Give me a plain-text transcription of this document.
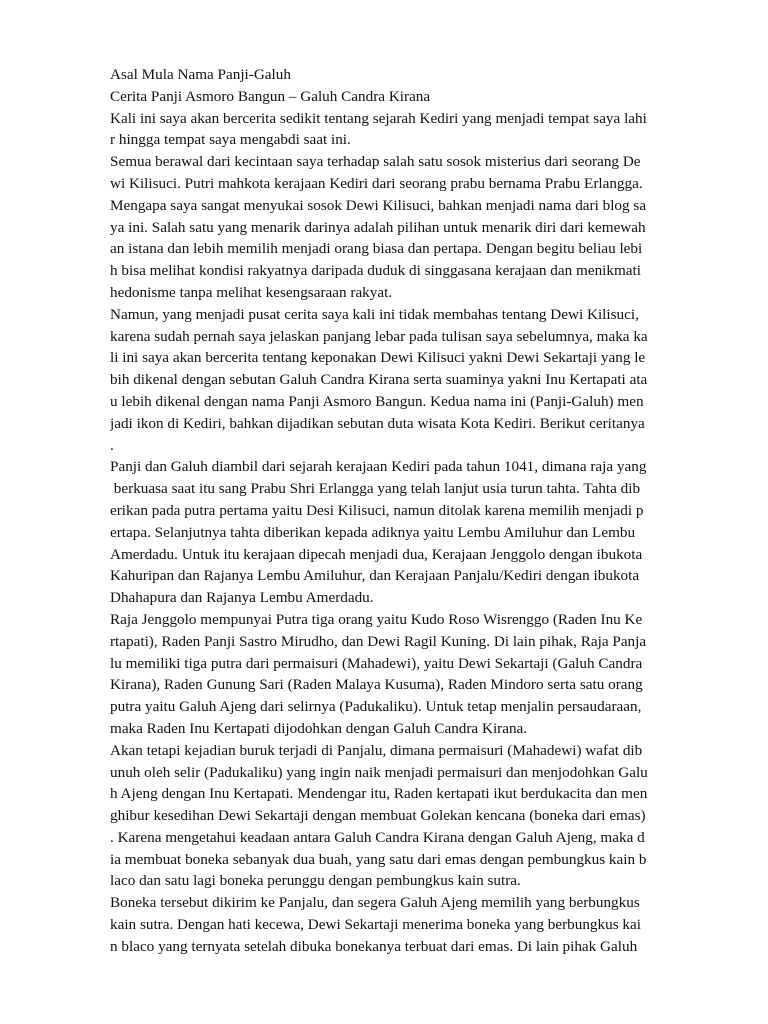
Asal Mula Nama Panji-Galuh
Cerita Panji Asmoro Bangun – Galuh Candra Kirana
Kali ini saya akan bercerita sedikit tentang sejarah Kediri yang menjadi tempat saya lahi
r hingga tempat saya mengabdi saat ini.
Semua berawal dari kecintaan saya terhadap salah satu sosok misterius dari seorang De
wi Kilisuci. Putri mahkota kerajaan Kediri dari seorang prabu bernama Prabu Erlangga.
Mengapa saya sangat menyukai sosok Dewi Kilisuci, bahkan menjadi nama dari blog sa
ya ini. Salah satu yang menarik darinya adalah pilihan untuk menarik diri dari kemewah
an istana dan lebih memilih menjadi orang biasa dan pertapa. Dengan begitu beliau lebi
h bisa melihat kondisi rakyatnya daripada duduk di singgasana kerajaan dan menikmati
hedonisme tanpa melihat kesengsaraan rakyat.
Namun, yang menjadi pusat cerita saya kali ini tidak membahas tentang Dewi Kilisuci,
karena sudah pernah saya jelaskan panjang lebar pada tulisan saya sebelumnya, maka ka
li ini saya akan bercerita tentang keponakan Dewi Kilisuci yakni Dewi Sekartaji yang le
bih dikenal dengan sebutan Galuh Candra Kirana serta suaminya yakni Inu Kertapati ata
u lebih dikenal dengan nama Panji Asmoro Bangun. Kedua nama ini (Panji-Galuh) men
jadi ikon di Kediri, bahkan dijadikan sebutan duta wisata Kota Kediri. Berikut ceritanya
.
Panji dan Galuh diambil dari sejarah kerajaan Kediri pada tahun 1041, dimana raja yang
berkuasa saat itu sang Prabu Shri Erlangga yang telah lanjut usia turun tahta. Tahta dib
erikan pada putra pertama yaitu Desi Kilisuci, namun ditolak karena memilih menjadi p
ertapa. Selanjutnya tahta diberikan kepada adiknya yaitu Lembu Amiluhur dan Lembu
Amerdadu. Untuk itu kerajaan dipecah menjadi dua, Kerajaan Jenggolo dengan ibukota
Kahuripan dan Rajanya Lembu Amiluhur, dan Kerajaan Panjalu/Kediri dengan ibukota
Dhahapura dan Rajanya Lembu Amerdadu.
Raja Jenggolo mempunyai Putra tiga orang yaitu Kudo Roso Wisrenggo (Raden Inu Ke
rtapati), Raden Panji Sastro Mirudho, dan Dewi Ragil Kuning. Di lain pihak, Raja Panja
lu memiliki tiga putra dari permaisuri (Mahadewi), yaitu Dewi Sekartaji (Galuh Candra
Kirana), Raden Gunung Sari (Raden Malaya Kusuma), Raden Mindoro serta satu orang
putra yaitu Galuh Ajeng dari selirnya (Padukaliku). Untuk tetap menjalin persaudaraan,
maka Raden Inu Kertapati dijodohkan dengan Galuh Candra Kirana.
Akan tetapi kejadian buruk terjadi di Panjalu, dimana permaisuri (Mahadewi) wafat dib
unuh oleh selir (Padukaliku) yang ingin naik menjadi permaisuri dan menjodohkan Galu
h Ajeng dengan Inu Kertapati. Mendengar itu, Raden kertapati ikut berdukacita dan men
ghibur kesedihan Dewi Sekartaji dengan membuat Golekan kencana (boneka dari emas)
. Karena mengetahui keadaan antara Galuh Candra Kirana dengan Galuh Ajeng, maka d
ia membuat boneka sebanyak dua buah, yang satu dari emas dengan pembungkus kain b
laco dan satu lagi boneka perunggu dengan pembungkus kain sutra.
Boneka tersebut dikirim ke Panjalu, dan segera Galuh Ajeng memilih yang berbungkus
kain sutra. Dengan hati kecewa, Dewi Sekartaji menerima boneka yang berbungkus kai
n blaco yang ternyata setelah dibuka bonekanya terbuat dari emas. Di lain pihak Galuh
